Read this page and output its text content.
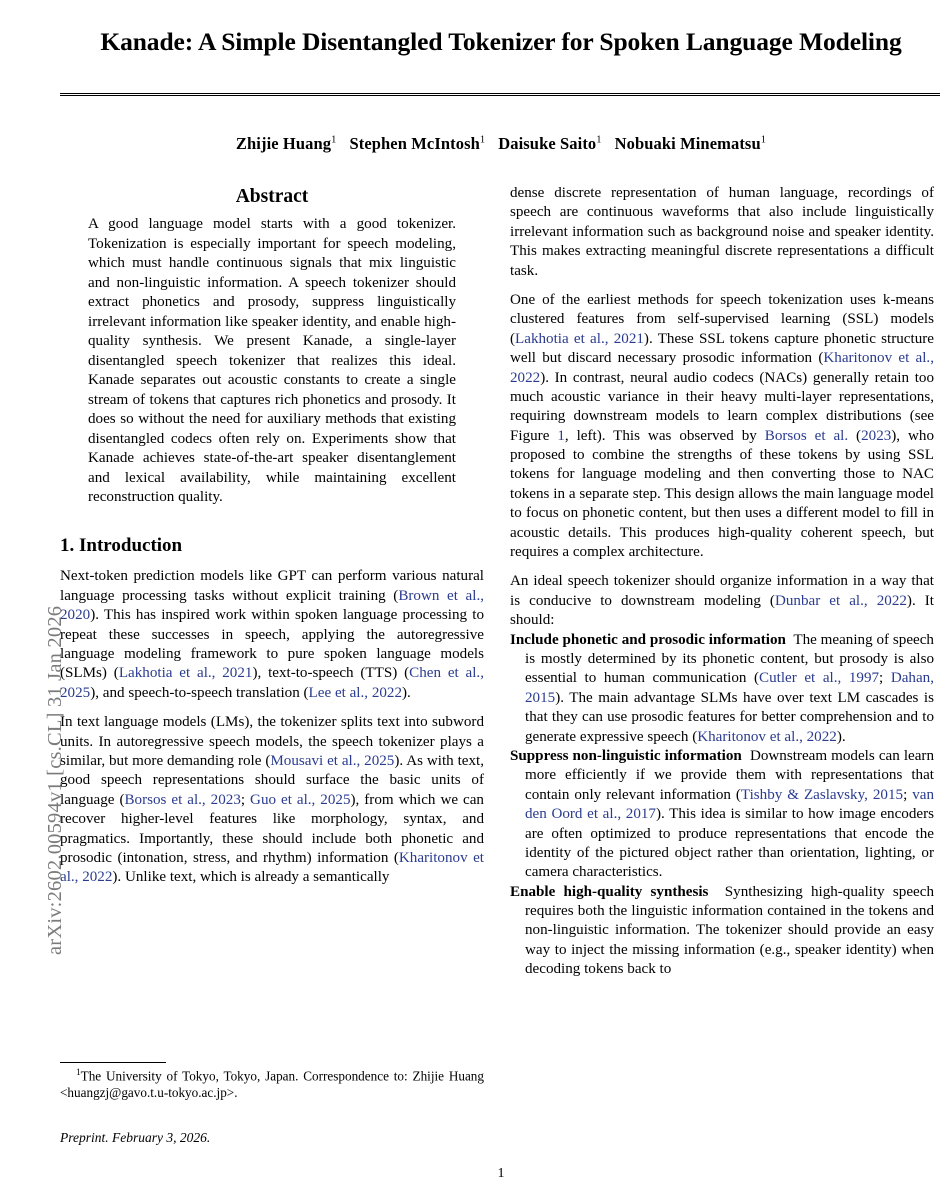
arXiv:2602.00594v1 [cs.CL] 31 Jan 2026
Kanade: A Simple Disentangled Tokenizer for Spoken Language Modeling
Zhijie Huang$^1$ Stephen McIntosh$^1$ Daisuke Saito$^1$ Nobuaki Minematsu$^1$
Abstract
A good language model starts with a good tokenizer. Tokenization is especially important for speech modeling, which must handle continuous signals that mix linguistic and non-linguistic information. A speech tokenizer should extract phonetics and prosody, suppress linguistically irrelevant information like speaker identity, and enable high-quality synthesis. We present Kanade, a single-layer disentangled speech tokenizer that realizes this ideal. Kanade separates out acoustic constants to create a single stream of tokens that captures rich phonetics and prosody. It does so without the need for auxiliary methods that existing disentangled codecs often rely on. Experiments show that Kanade achieves state-of-the-art speaker disentanglement and lexical availability, while maintaining excellent reconstruction quality.
1. Introduction

Next-token prediction models like GPT can perform various natural language processing tasks without explicit training (Brown et al., 2020). This has inspired work within spoken language processing to repeat these successes in speech, applying the autoregressive language modeling framework to pure spoken language models (SLMs) (Lakhotia et al., 2021), text-to-speech (TTS) (Chen et al., 2025), and speech-to-speech translation (Lee et al., 2022).

In text language models (LMs), the tokenizer splits text into subword units. In autoregressive speech models, the speech tokenizer plays a similar, but more demanding role (Mousavi et al., 2025). As with text, good speech representations should surface the basic units of language (Borsos et al., 2023; Guo et al., 2025), from which we can recover higher-level features like morphology, syntax, and pragmatics. Importantly, these should include both phonetic and prosodic (intonation, stress, and rhythm) information (Kharitonov et al., 2022). Unlike text, which is already a semantically

dense discrete representation of human language, recordings of speech are continuous waveforms that also include linguistically irrelevant information such as background noise and speaker identity. This makes extracting meaningful discrete representations a difficult task.

One of the earliest methods for speech tokenization uses k-means clustered features from self-supervised learning (SSL) models (Lakhotia et al., 2021). These SSL tokens capture phonetic structure well but discard necessary prosodic information (Kharitonov et al., 2022). In contrast, neural audio codecs (NACs) generally retain too much acoustic variance in their heavy multi-layer representations, requiring downstream models to learn complex distributions (see Figure 1, left). This was observed by Borsos et al. (2023), who proposed to combine the strengths of these tokens by using SSL tokens for language modeling and then converting those to NAC tokens in a separate step. This design allows the main language model to focus on phonetic content, but then uses a different model to fill in acoustic details. This produces high-quality coherent speech, but requires a complex architecture.

An ideal speech tokenizer should organize information in a way that is conducive to downstream modeling (Dunbar et al., 2022). It should:

Include phonetic and prosodic information The meaning of speech is mostly determined by its phonetic content, but prosody is also essential to human communication (Cutler et al., 1997; Dahan, 2015). The main advantage SLMs have over text LM cascades is that they can use prosodic features for better comprehension and to generate expressive speech (Kharitonov et al., 2022).

Suppress non-linguistic information Downstream models can learn more efficiently if we provide them with representations that contain only relevant information (Tishby & Zaslavsky, 2015; van den Oord et al., 2017). This idea is similar to how image encoders are often optimized to produce representations that encode the identity of the pictured object rather than orientation, lighting, or camera characteristics.

Enable high-quality synthesis Synthesizing high-quality speech requires both the linguistic information contained in the tokens and non-linguistic information. The tokenizer should provide an easy way to inject the missing information (e.g., speaker identity) when decoding tokens back to

$^1$The University of Tokyo, Tokyo, Japan. Correspondence to: Zhijie Huang <huangzj@gavo.t.u-tokyo.ac.jp>.
Preprint. February 3, 2026.
1
